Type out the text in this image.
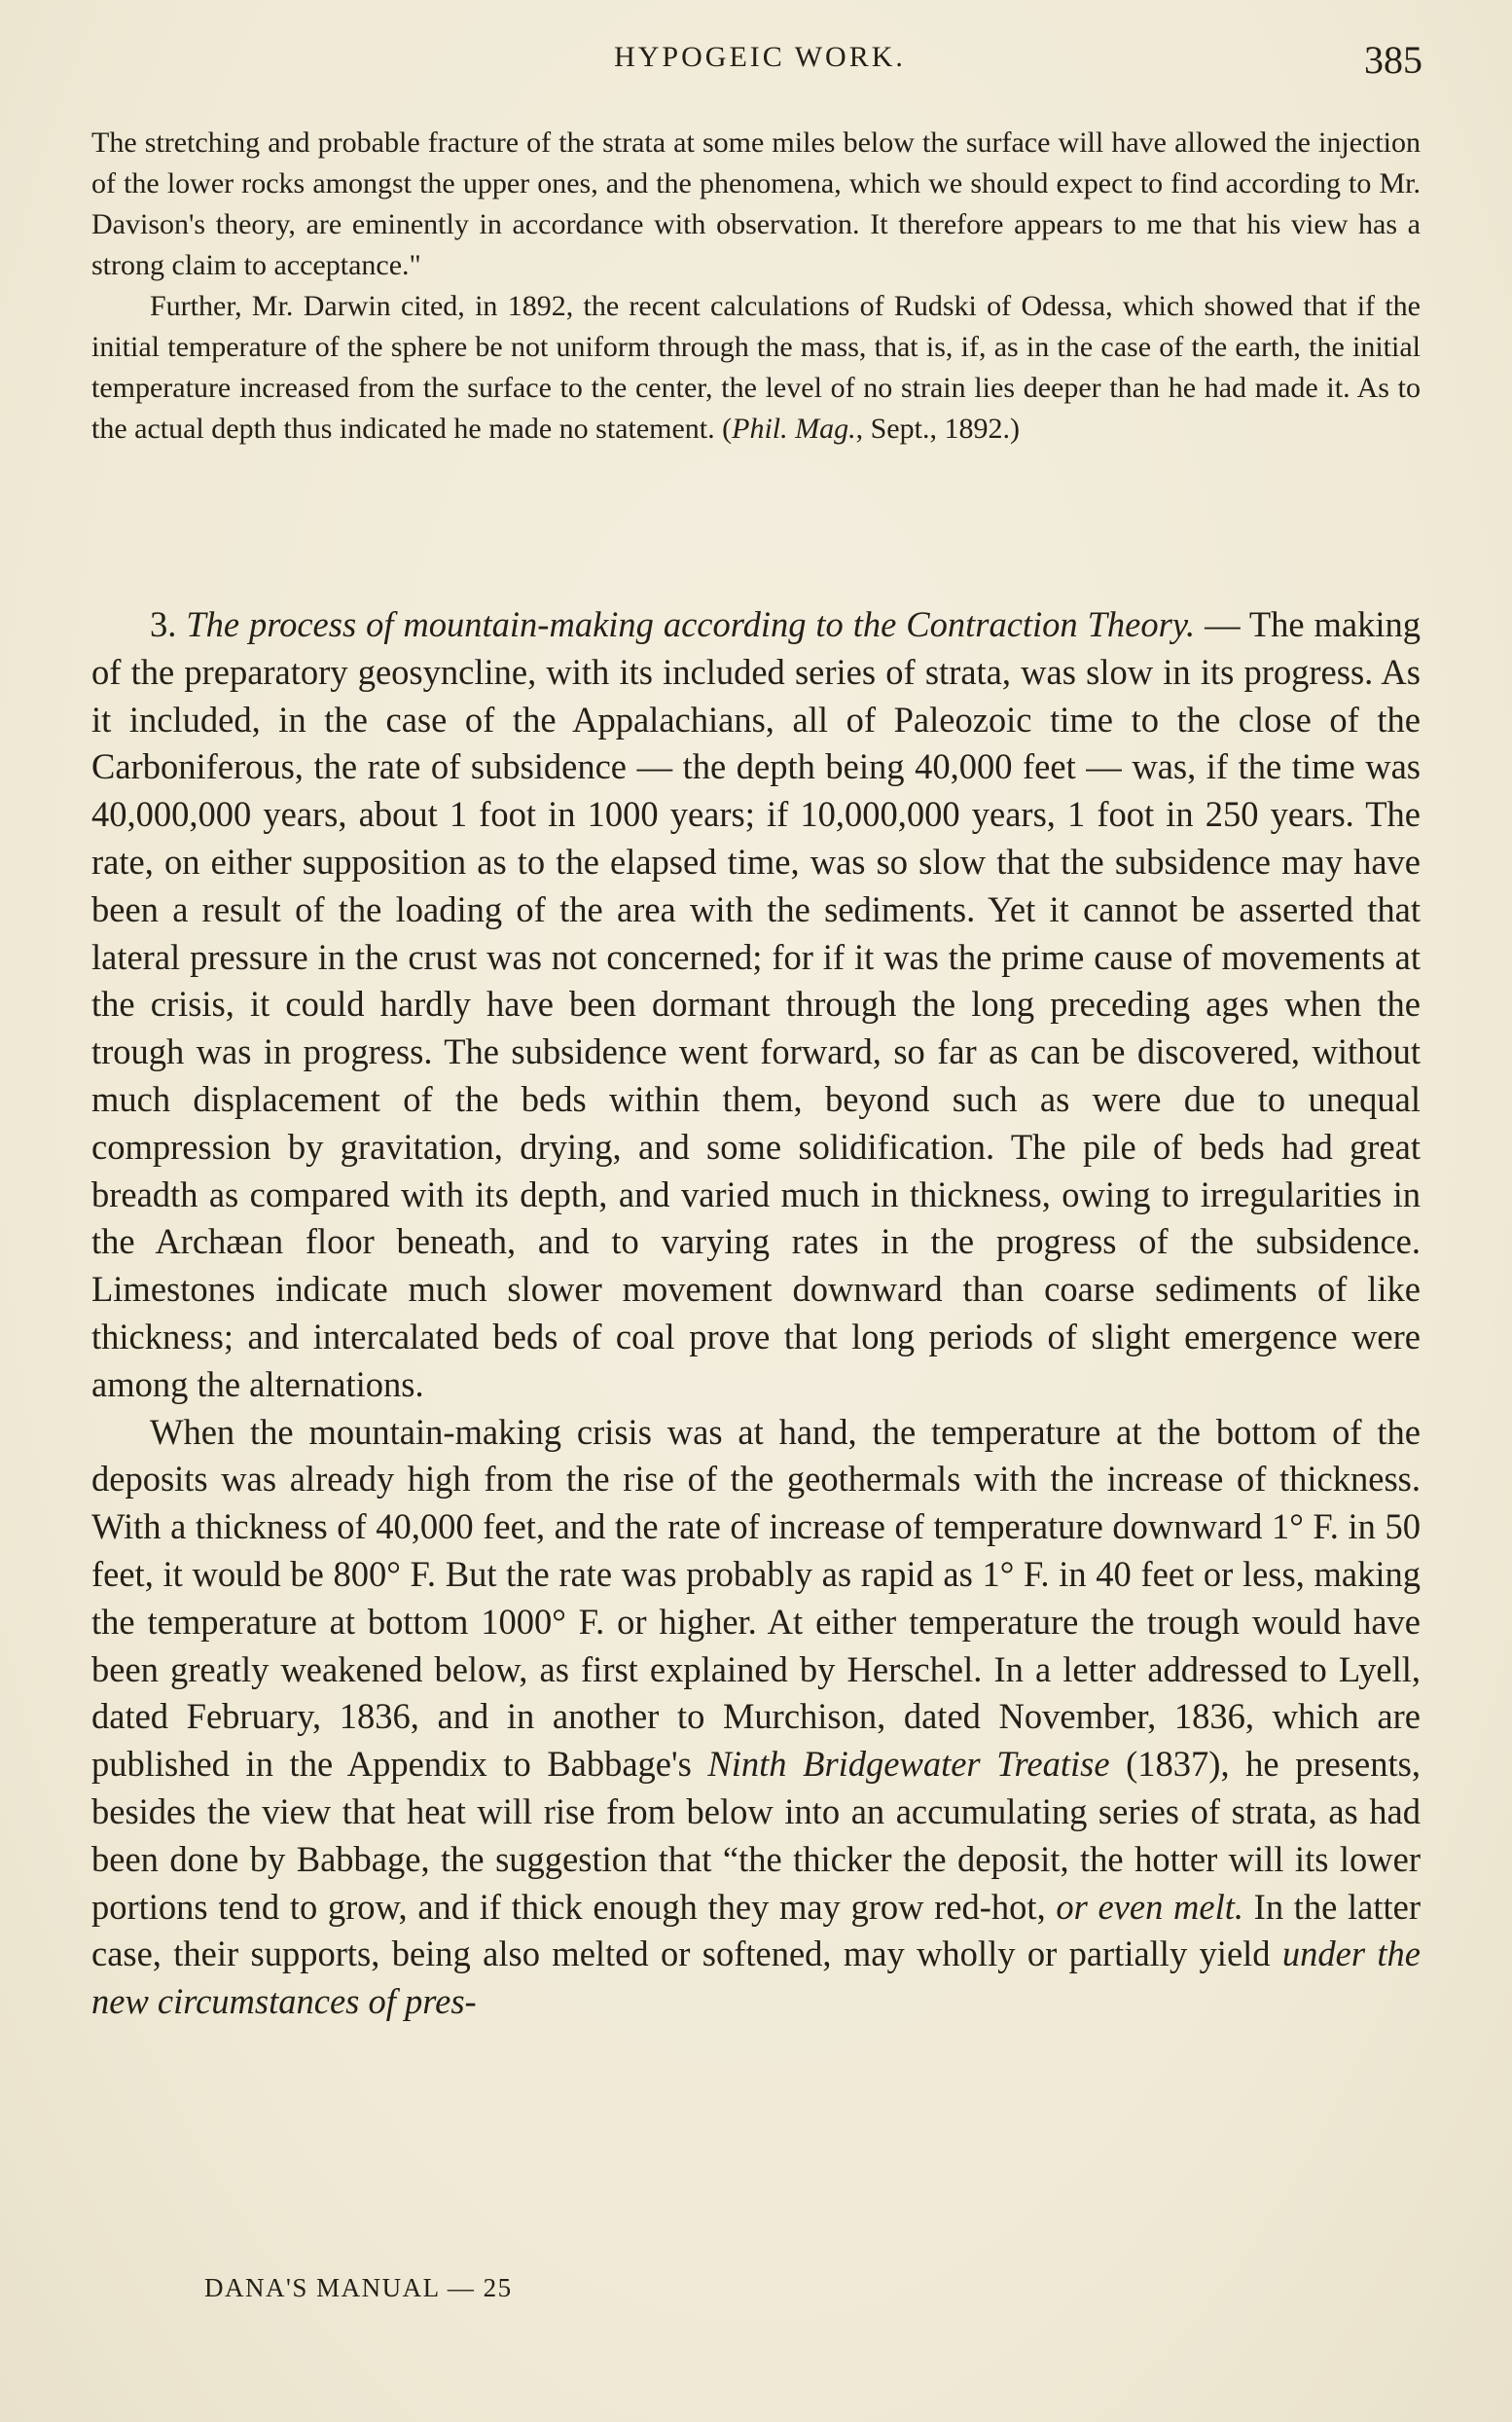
HYPOGEIC WORK.	385

The stretching and probable fracture of the strata at some miles below the surface will have allowed the injection of the lower rocks amongst the upper ones, and the phenomena, which we should expect to find according to Mr. Davison's theory, are eminently in accordance with observation. It therefore appears to me that his view has a strong claim to acceptance."

Further, Mr. Darwin cited, in 1892, the recent calculations of Rudski of Odessa, which showed that if the initial temperature of the sphere be not uniform through the mass, that is, if, as in the case of the earth, the initial temperature increased from the surface to the center, the level of no strain lies deeper than he had made it. As to the actual depth thus indicated he made no statement. (Phil. Mag., Sept., 1892.)

3. The process of mountain-making according to the Contraction Theory. — The making of the preparatory geosyncline, with its included series of strata, was slow in its progress. As it included, in the case of the Appalachians, all of Paleozoic time to the close of the Carboniferous, the rate of subsidence — the depth being 40,000 feet — was, if the time was 40,000,000 years, about 1 foot in 1000 years; if 10,000,000 years, 1 foot in 250 years. The rate, on either supposition as to the elapsed time, was so slow that the subsidence may have been a result of the loading of the area with the sediments. Yet it cannot be asserted that lateral pressure in the crust was not concerned; for if it was the prime cause of movements at the crisis, it could hardly have been dormant through the long preceding ages when the trough was in progress. The subsidence went forward, so far as can be discovered, without much displacement of the beds within them, beyond such as were due to unequal compression by gravitation, drying, and some solidification. The pile of beds had great breadth as compared with its depth, and varied much in thickness, owing to irregularities in the Archæan floor beneath, and to varying rates in the progress of the subsidence. Limestones indicate much slower movement downward than coarse sediments of like thickness; and intercalated beds of coal prove that long periods of slight emergence were among the alternations.

When the mountain-making crisis was at hand, the temperature at the bottom of the deposits was already high from the rise of the geothermals with the increase of thickness. With a thickness of 40,000 feet, and the rate of increase of temperature downward 1° F. in 50 feet, it would be 800° F. But the rate was probably as rapid as 1° F. in 40 feet or less, making the temperature at bottom 1000° F. or higher. At either temperature the trough would have been greatly weakened below, as first explained by Herschel. In a letter addressed to Lyell, dated February, 1836, and in another to Murchison, dated November, 1836, which are published in the Appendix to Babbage's Ninth Bridgewater Treatise (1837), he presents, besides the view that heat will rise from below into an accumulating series of strata, as had been done by Babbage, the suggestion that “the thicker the deposit, the hotter will its lower portions tend to grow, and if thick enough they may grow red-hot, or even melt. In the latter case, their supports, being also melted or softened, may wholly or partially yield under the new circumstances of pres-

DANA'S MANUAL — 25
